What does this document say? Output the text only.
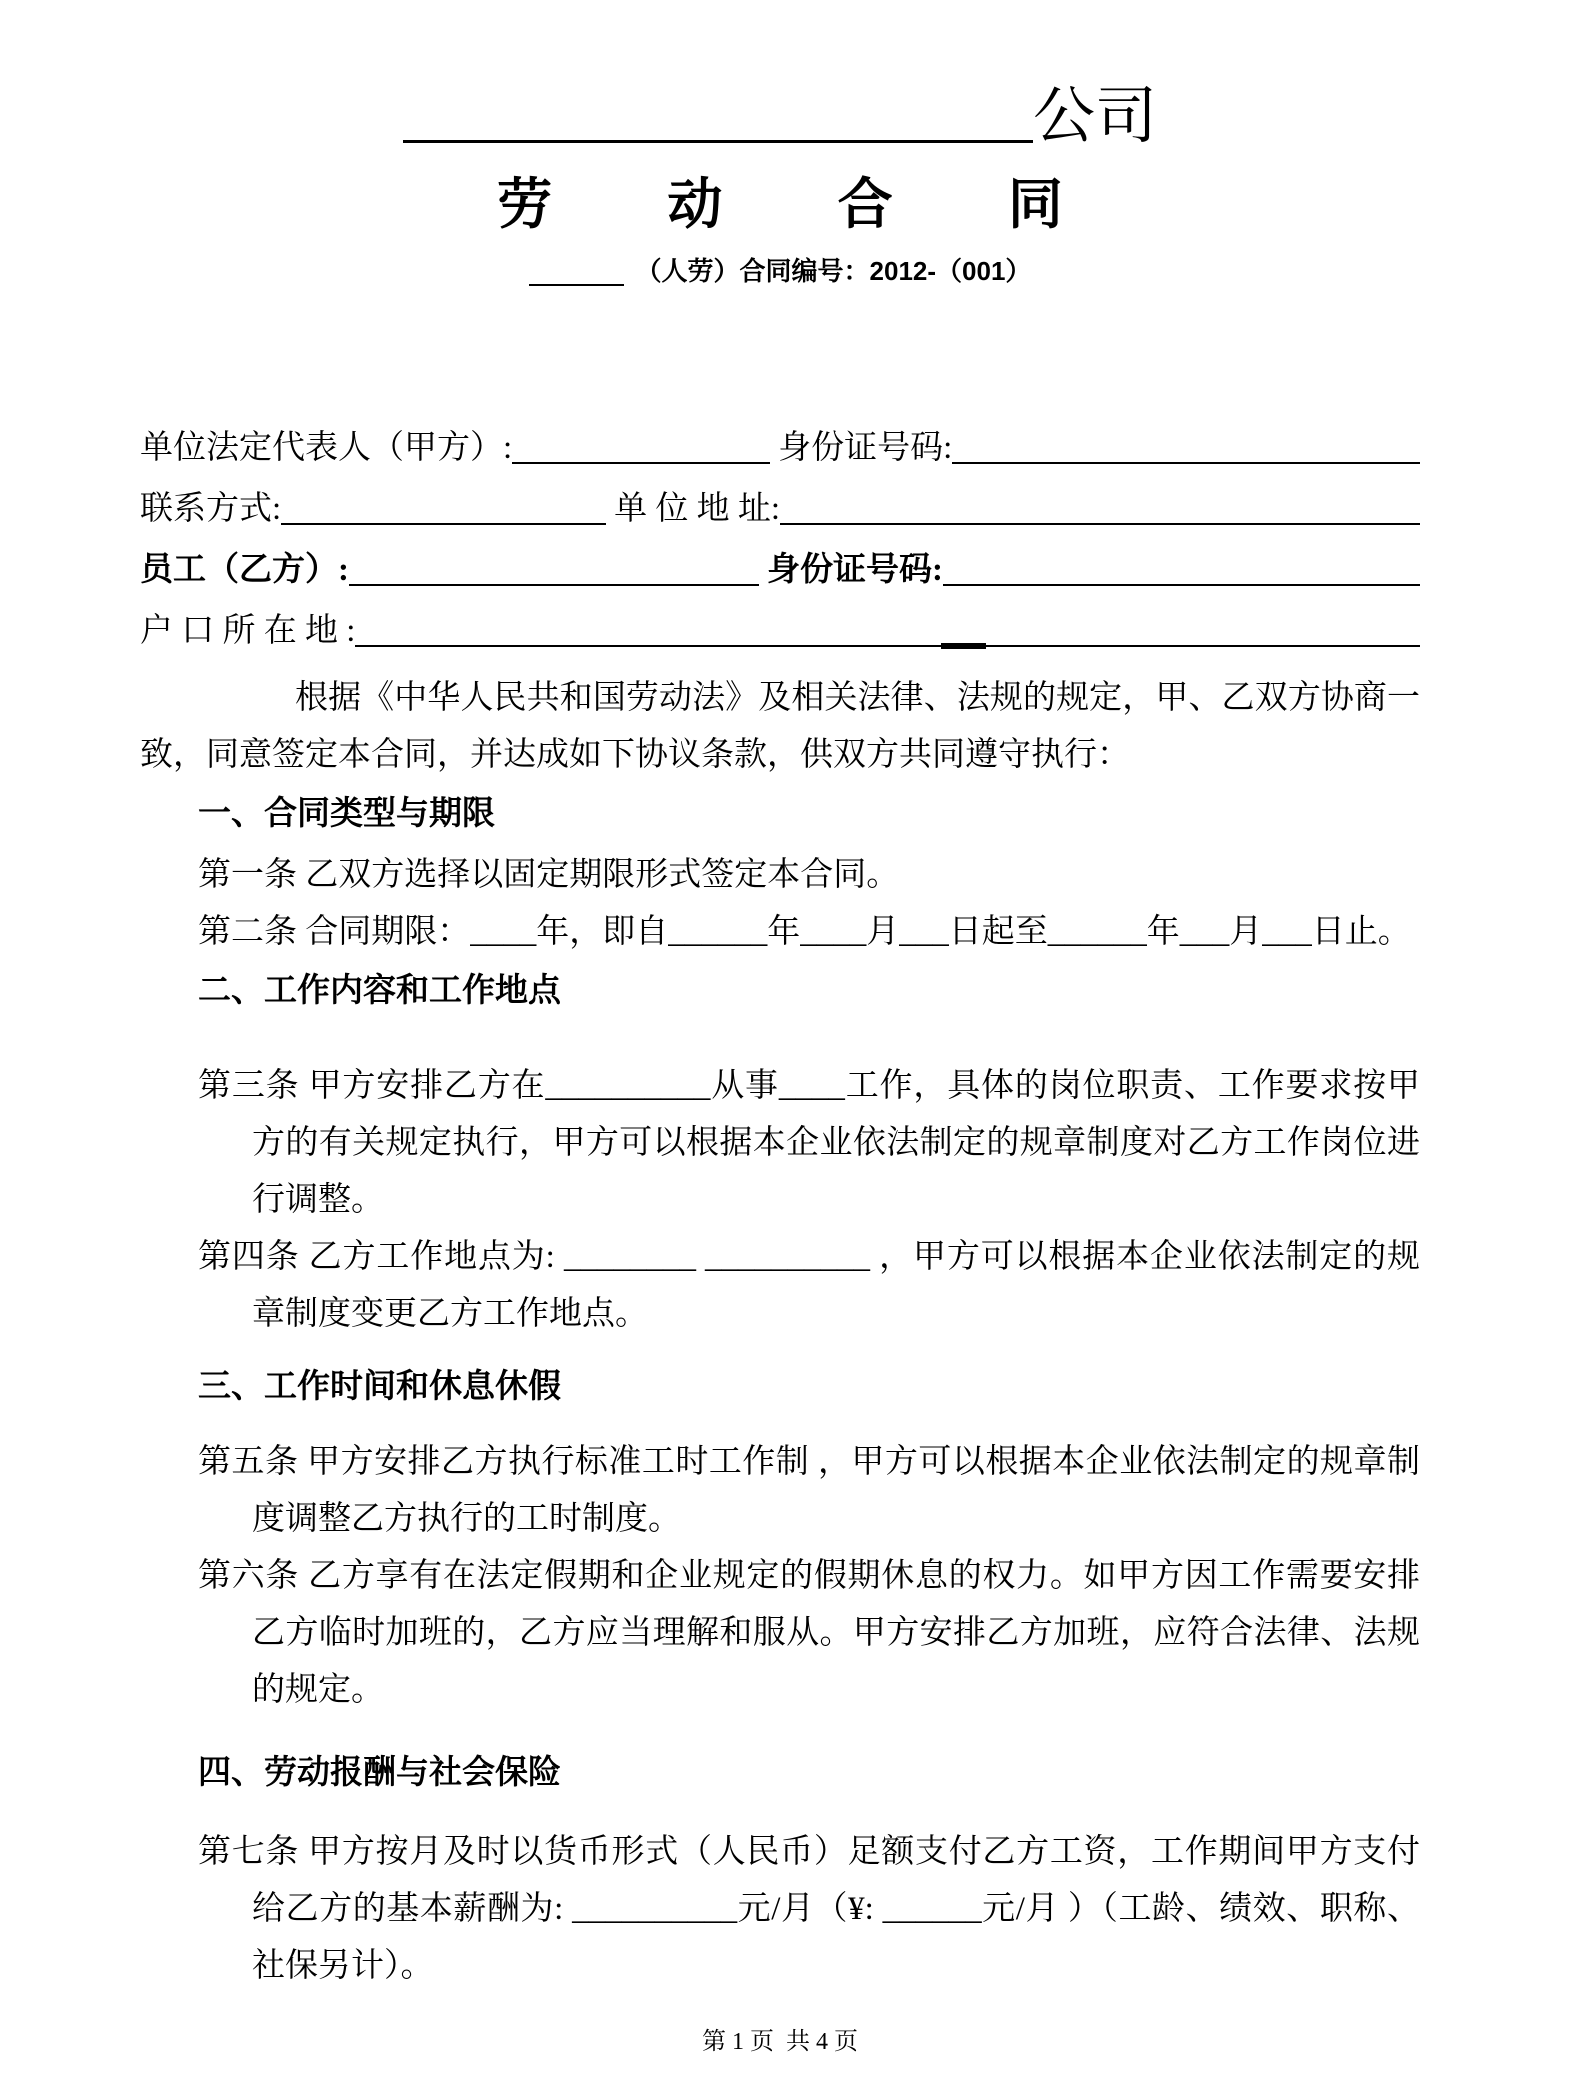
公司
劳 动 合 同
（人劳）合同编号：2012-（001）
单位法定代表人（甲方）:	身份证号码:
联系方式:	单 位 地 址:
员工（乙方）:	身份证号码:
户 口 所 在 地 :
根据《中华人民共和国劳动法》及相关法律、法规的规定，甲、乙双方协商一致，同意签定本合同，并达成如下协议条款，供双方共同遵守执行：
一、合同类型与期限
第一条 乙双方选择以固定期限形式签定本合同。
第二条 合同期限：____年，即自______年____月___日起至______年___月___日止。
二、工作内容和工作地点
第三条 甲方安排乙方在__________从事____工作，具体的岗位职责、工作要求按甲方的有关规定执行，甲方可以根据本企业依法制定的规章制度对乙方工作岗位进行调整。
第四条 乙方工作地点为: ________ __________ ，甲方可以根据本企业依法制定的规章制度变更乙方工作地点。
三、工作时间和休息休假
第五条 甲方安排乙方执行标准工时工作制 ，甲方可以根据本企业依法制定的规章制度调整乙方执行的工时制度。
第六条 乙方享有在法定假期和企业规定的假期休息的权力。如甲方因工作需要安排乙方临时加班的，乙方应当理解和服从。甲方安排乙方加班，应符合法律、法规的规定。
四、劳动报酬与社会保险
第七条 甲方按月及时以货币形式（人民币）足额支付乙方工资，工作期间甲方支付给乙方的基本薪酬为: __________元/月（¥: ______元/月 ）（工龄、绩效、职称、社保另计）。
第 1 页  共 4 页
